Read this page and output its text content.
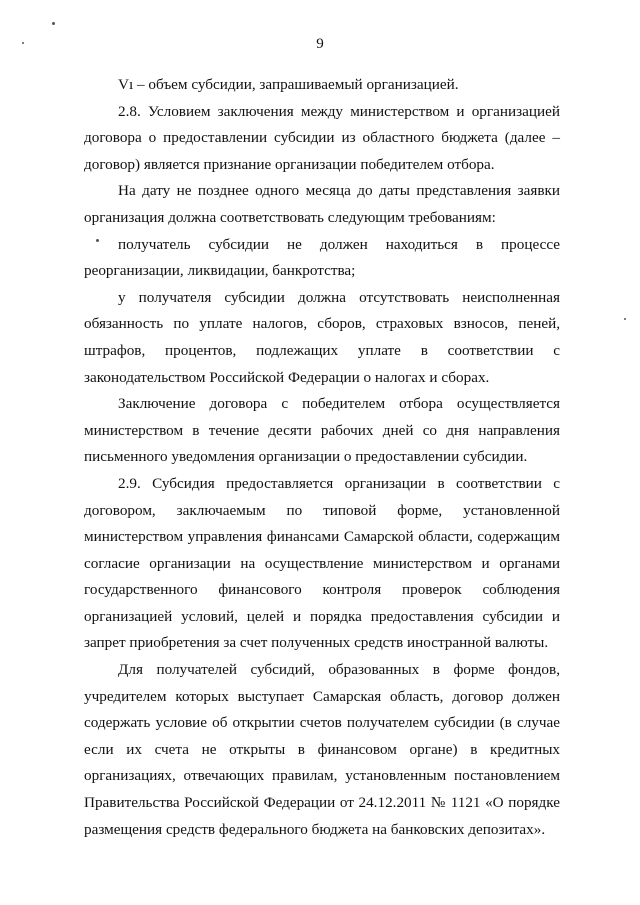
9

Vı – объем субсидии, запрашиваемый организацией.

2.8. Условием заключения между министерством и организацией договора о предоставлении субсидии из областного бюджета (далее – договор) является признание организации победителем отбора.

На дату не позднее одного месяца до даты представления заявки организация должна соответствовать следующим требованиям:

получатель субсидии не должен находиться в процессе реорганизации, ликвидации, банкротства;

у получателя субсидии должна отсутствовать неисполненная обязанность по уплате налогов, сборов, страховых взносов, пеней, штрафов, процентов, подлежащих уплате в соответствии с законодательством Российской Федерации о налогах и сборах.

Заключение договора с победителем отбора осуществляется министерством в течение десяти рабочих дней со дня направления письменного уведомления организации о предоставлении субсидии.

2.9. Субсидия предоставляется организации в соответствии с договором, заключаемым по типовой форме, установленной министерством управления финансами Самарской области, содержащим согласие организации на осуществление министерством и органами государственного финансового контроля проверок соблюдения организацией условий, целей и порядка предоставления субсидии и запрет приобретения за счет полученных средств иностранной валюты.

Для получателей субсидий, образованных в форме фондов, учредителем которых выступает Самарская область, договор должен содержать условие об открытии счетов получателем субсидии (в случае если их счета не открыты в финансовом органе) в кредитных организациях, отвечающих правилам, установленным постановлением Правительства Российской Федерации от 24.12.2011 № 1121 «О порядке размещения средств федерального бюджета на банковских депозитах».
